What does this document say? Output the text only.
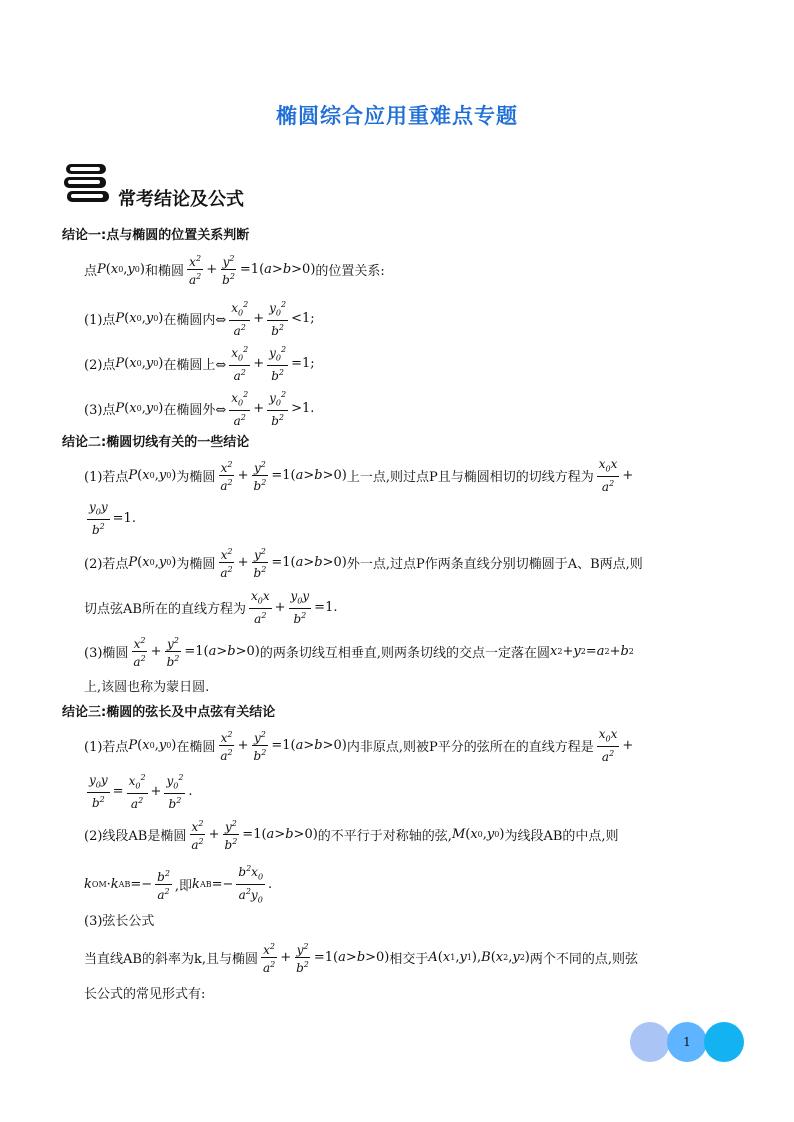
椭圆综合应用重难点专题
常考结论及公式
结论一:点与椭圆的位置关系判断
点 P ( x 0 , y 0 ) 和椭圆 $\frac{x^2}{a^2} + \frac{y^2}{b^2} =1$( a > b >0) 的位置关系:
(1)点 P ( x 0 , y 0 ) 在椭圆内⇔ $\frac{x_0^2}{a^2} + \frac{y_0^2}{b^2} <1$;
(2)点 P ( x 0 , y 0 ) 在椭圆上⇔ $\frac{x_0^2}{a^2} + \frac{y_0^2}{b^2} =1$;
(3)点 P ( x 0 , y 0 ) 在椭圆外⇔ $\frac{x_0^2}{a^2} + \frac{y_0^2}{b^2} >1$.
结论二:椭圆切线有关的一些结论
(1)若点 P ( x 0 , y 0 ) 为椭圆 $\frac{x^2}{a^2} + \frac{y^2}{b^2} =1$( a > b >0) 上一点,则过点P且与椭圆相切的切线方程为 $\frac{x_0x}{a^2}$ +
$\frac{y_0y}{b^2} =1$.
(2)若点 P ( x 0 , y 0 ) 为椭圆 $\frac{x^2}{a^2} + \frac{y^2}{b^2} =1$( a > b >0) 外一点,过点P作两条直线分别切椭圆于A、B两点,则
切点弦AB所在的直线方程为 $\frac{x_0x}{a^2} + \frac{y_0y}{b^2} =1$.
(3)椭圆 $\frac{x^2}{a^2} + \frac{y^2}{b^2} =1$( a > b >0) 的两条切线互相垂直,则两条切线的交点一定落在圆 x 2 + y 2 = a 2 + b 2
上,该圆也称为蒙日圆.
结论三:椭圆的弦长及中点弦有关结论
(1)若点 P ( x 0 , y 0 ) 在椭圆 $\frac{x^2}{a^2} + \frac{y^2}{b^2} =1$( a > b >0) 内非原点,则被P平分的弦所在的直线方程是 $\frac{x_0x}{a^2}$ +
$\frac{y_0y}{b^2} = \frac{x_0^2}{a^2} + \frac{y_0^2}{b^2}$ .
(2)线段AB是椭圆 $\frac{x^2}{a^2} + \frac{y^2}{b^2} =1$( a > b >0) 的不平行于对称轴的弦, M ( x 0 , y 0 ) 为线段AB的中点,则
k OM · k AB =− $\frac{b^2}{a^2}$ ,即 k AB =− $\frac{b^2x_0}{a^2y_0}$ .
(3)弦长公式
当直线AB的斜率为k,且与椭圆 $\frac{x^2}{a^2} + \frac{y^2}{b^2} =1$( a > b >0) 相交于 A ( x 1 , y 1 ), B ( x 2 , y 2 ) 两个不同的点,则弦
长公式的常见形式有:
1
